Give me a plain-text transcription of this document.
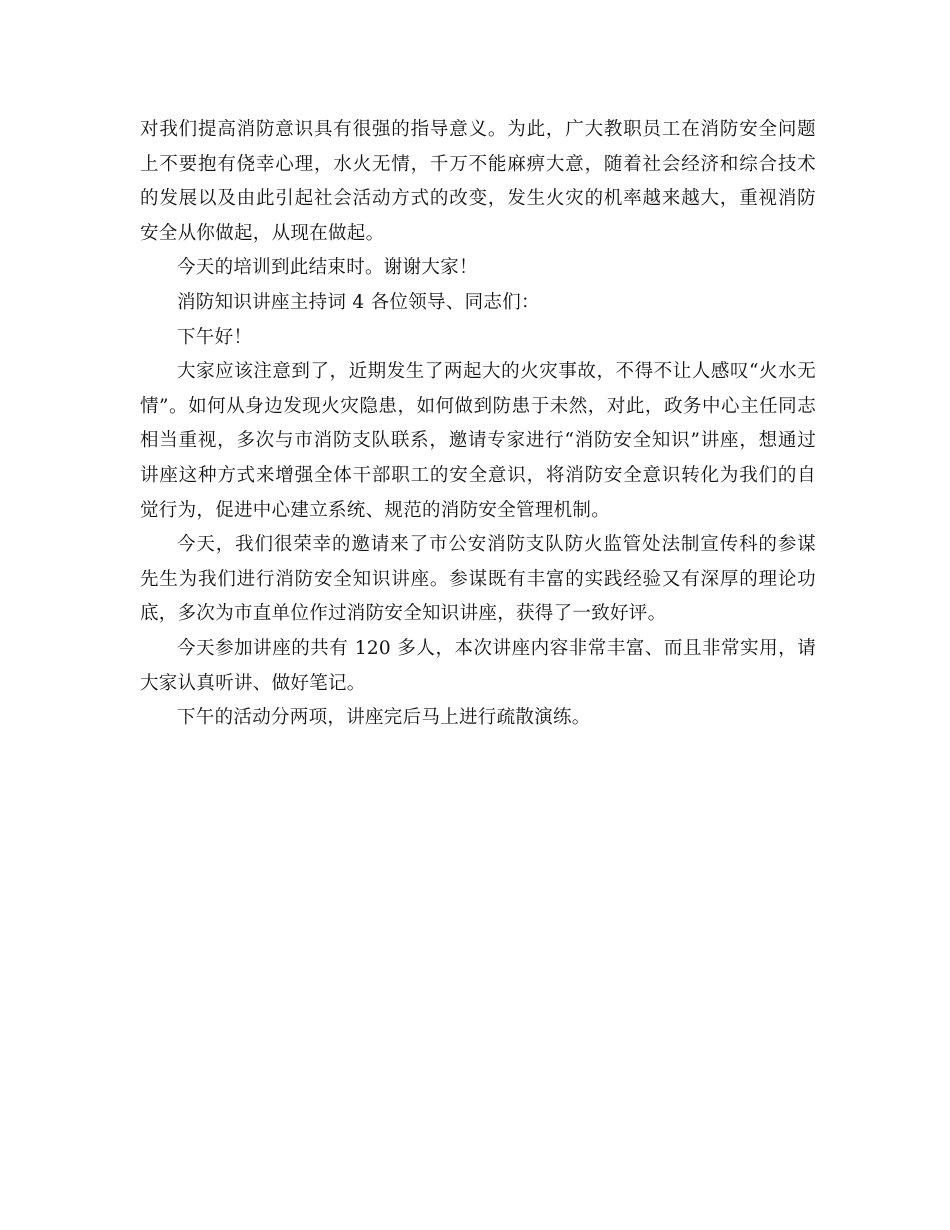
对我们提高消防意识具有很强的指导意义。为此，广大教职员工在消防安全问题上不要抱有侥幸心理，水火无情，千万不能麻痹大意，随着社会经济和综合技术的发展以及由此引起社会活动方式的改变，发生火灾的机率越来越大，重视消防安全从你做起，从现在做起。

今天的培训到此结束时。谢谢大家！

消防知识讲座主持词 4 各位领导、同志们：

下午好！

大家应该注意到了，近期发生了两起大的火灾事故，不得不让人感叹“火水无情”。如何从身边发现火灾隐患，如何做到防患于未然，对此，政务中心主任同志相当重视，多次与市消防支队联系，邀请专家进行“消防安全知识”讲座，想通过讲座这种方式来增强全体干部职工的安全意识，将消防安全意识转化为我们的自觉行为，促进中心建立系统、规范的消防安全管理机制。

今天，我们很荣幸的邀请来了市公安消防支队防火监管处法制宣传科的参谋先生为我们进行消防安全知识讲座。参谋既有丰富的实践经验又有深厚的理论功底，多次为市直单位作过消防安全知识讲座，获得了一致好评。

今天参加讲座的共有 120 多人，本次讲座内容非常丰富、而且非常实用，请大家认真听讲、做好笔记。

下午的活动分两项，讲座完后马上进行疏散演练。
